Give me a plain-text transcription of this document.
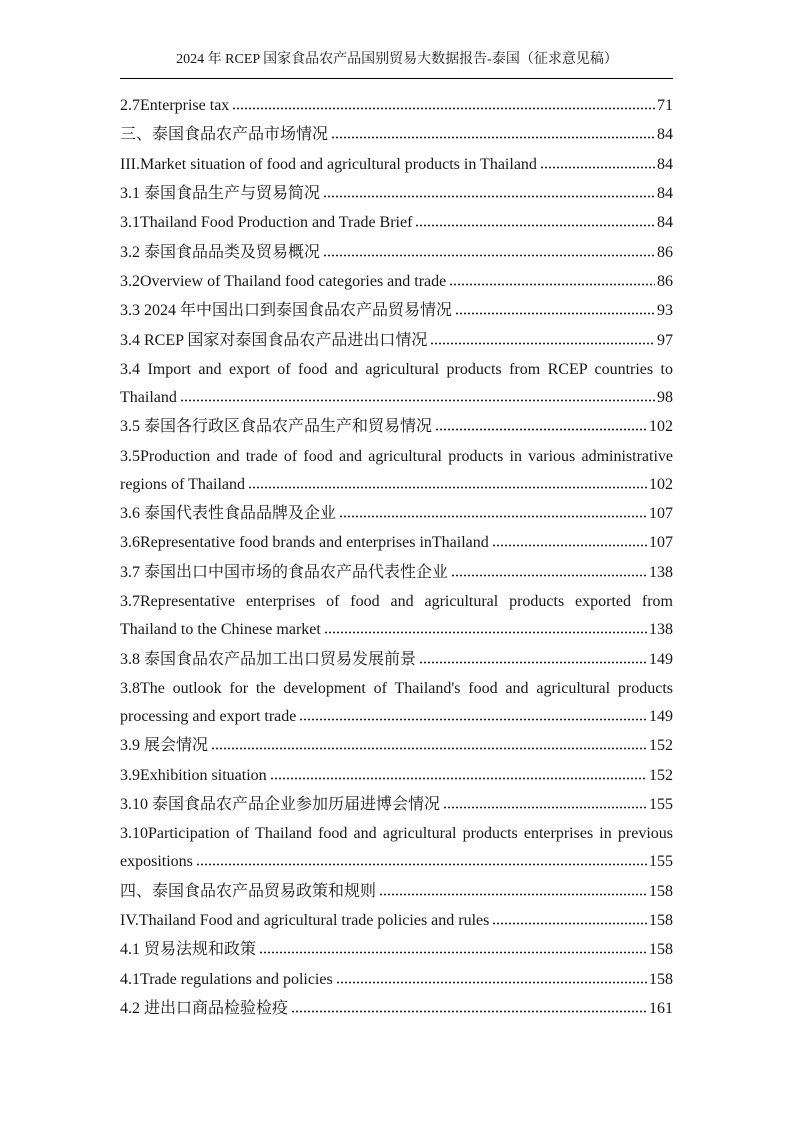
2024 年 RCEP 国家食品农产品国别贸易大数据报告-泰国（征求意见稿）
2.7Enterprise tax	71
三、泰国食品农产品市场情况	84
III.Market situation of food and agricultural products in Thailand	84
3.1 泰国食品生产与贸易简况	84
3.1Thailand Food Production and Trade Brief	84
3.2 泰国食品品类及贸易概况	86
3.2Overview of Thailand food categories and trade	86
3.3 2024 年中国出口到泰国食品农产品贸易情况	93
3.4 RCEP 国家对泰国食品农产品进出口情况	97
3.4 Import and export of food and agricultural products from RCEP countries to
Thailand	98
3.5 泰国各行政区食品农产品生产和贸易情况	102
3.5Production and trade of food and agricultural products in various administrative
regions of Thailand	102
3.6 泰国代表性食品品牌及企业	107
3.6Representative food brands and enterprises inThailand	107
3.7 泰国出口中国市场的食品农产品代表性企业	138
3.7Representative enterprises of food and agricultural products exported from
Thailand to the Chinese market	138
3.8 泰国食品农产品加工出口贸易发展前景	149
3.8The outlook for the development of Thailand's food and agricultural products
processing and export trade	149
3.9 展会情况	152
3.9Exhibition situation	152
3.10 泰国食品农产品企业参加历届进博会情况	155
3.10Participation of Thailand food and agricultural products enterprises in previous
expositions	155
四、泰国食品农产品贸易政策和规则	158
IV.Thailand Food and agricultural trade policies and rules	158
4.1 贸易法规和政策	158
4.1Trade regulations and policies	158
4.2 进出口商品检验检疫	161
